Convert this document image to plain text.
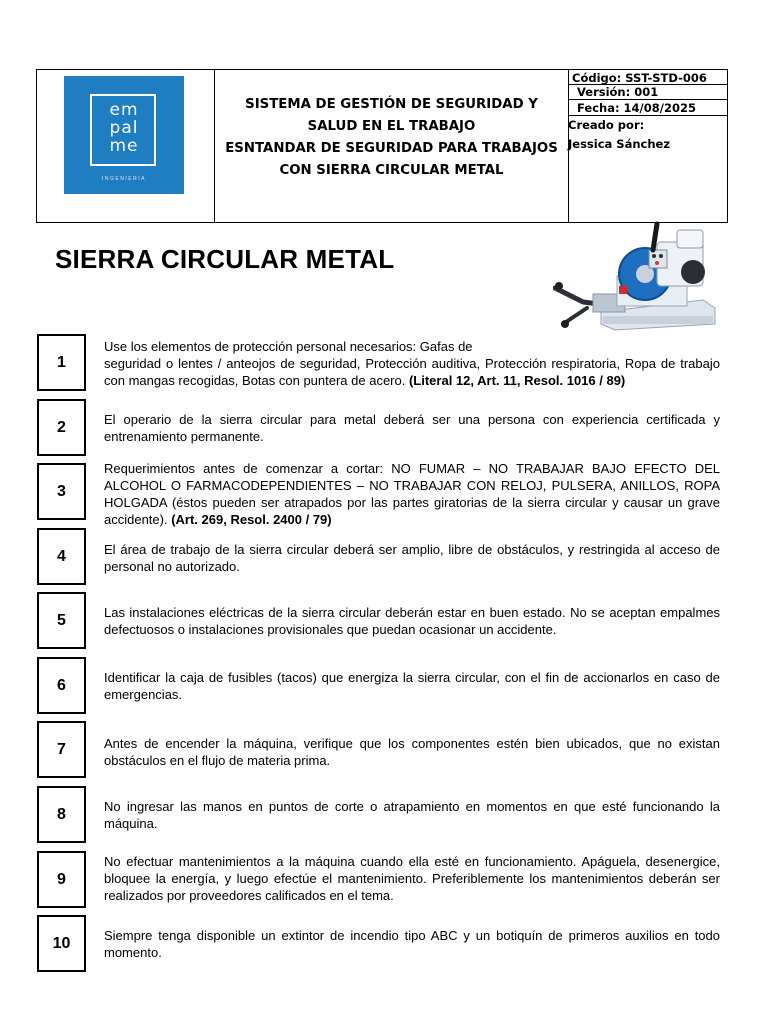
em
pal
me
INGENIERIA
SISTEMA DE GESTIÓN DE SEGURIDAD Y
SALUD EN EL TRABAJO
ESNTANDAR DE SEGURIDAD PARA TRABAJOS
CON SIERRA CIRCULAR METAL
Código: SST-STD-006
Versión: 001
Fecha: 14/08/2025
Creado por:
Jessica Sánchez
SIERRA CIRCULAR METAL
1
Use los elementos de protección personal necesarios: Gafas de
seguridad o lentes / anteojos de seguridad, Protección auditiva, Protección respiratoria, Ropa de trabajo con mangas recogidas, Botas con puntera de acero. (Literal 12, Art. 11, Resol. 1016 / 89)
2	El operario de la sierra circular para metal deberá ser una persona con experiencia certificada y entrenamiento permanente.
3
Requerimientos antes de comenzar a cortar: NO FUMAR – NO TRABAJAR BAJO EFECTO DEL ALCOHOL O FARMACODEPENDIENTES – NO TRABAJAR CON RELOJ, PULSERA, ANILLOS, ROPA HOLGADA (éstos pueden ser atrapados por las partes giratorias de la sierra circular y causar un grave accidente). (Art. 269, Resol. 2400 / 79)
4	El área de trabajo de la sierra circular deberá ser amplio, libre de obstáculos, y restringida al acceso de personal no autorizado.
5	Las instalaciones eléctricas de la sierra circular deberán estar en buen estado. No se aceptan empalmes defectuosos o instalaciones provisionales que puedan ocasionar un accidente.
6	Identificar la caja de fusibles (tacos) que energiza la sierra circular, con el fin de accionarlos en caso de emergencias.
7	Antes de encender la máquina, verifique que los componentes estén bien ubicados, que no existan obstáculos en el flujo de materia prima.
8	No ingresar las manos en puntos de corte o atrapamiento en momentos en que esté funcionando la máquina.
9
No efectuar mantenimientos a la máquina cuando ella esté en funcionamiento. Apáguela, desenergice, bloquee la energía, y luego efectúe el mantenimiento. Preferiblemente los mantenimientos deberán ser realizados por proveedores calificados en el tema.
10	Siempre tenga disponible un extintor de incendio tipo ABC y un botiquín de primeros auxilios en todo momento.
